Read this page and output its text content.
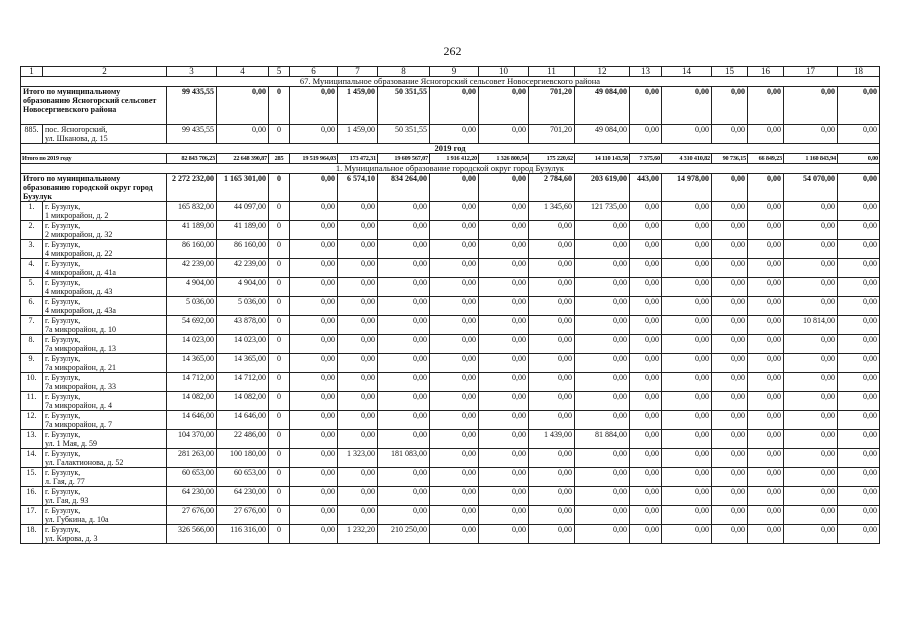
262
1	2	3	4	5	6	7	8	9	10	11	12	13	14	15	16	17	18
67. Муниципальное образование Ясногорский сельсовет Новосергиевского района																	
Итого по муниципальному образованию Ясногорский сельсовет Новосергиевского района		99 435,55	0,00	0	0,00	1 459,00	50 351,55	0,00	0,00	701,20	49 084,00	0,00	0,00	0,00	0,00	0,00	0,00
885.	пос. Ясногорский,
ул. Шканова, д. 15	99 435,55	0,00	0	0,00	1 459,00	50 351,55	0,00	0,00	701,20	49 084,00	0,00	0,00	0,00	0,00	0,00	0,00
2019 год																	
Итого по 2019 году		82 843 706,23	22 648 390,87	285	19 519 964,03	173 472,31	19 609 567,07	1 916 412,20	1 326 800,54	175 220,62	14 110 143,58	7 375,60	4 310 410,82	90 736,15	66 849,23	1 160 843,94	0,00
1. Муниципальное образование городской округ город Бузулук																	
Итого по муниципальному образованию городской округ город Бузулук		2 272 232,00	1 165 301,00	0	0,00	6 574,10	834 264,00	0,00	0,00	2 784,60	203 619,00	443,00	14 978,00	0,00	0,00	54 070,00	0,00
1.	г. Бузулук,
1 микрорайон, д. 2	165 832,00	44 097,00	0	0,00	0,00	0,00	0,00	0,00	1 345,60	121 735,00	0,00	0,00	0,00	0,00	0,00	0,00
2.	г. Бузулук,
2 микрорайон, д. 32	41 189,00	41 189,00	0	0,00	0,00	0,00	0,00	0,00	0,00	0,00	0,00	0,00	0,00	0,00	0,00	0,00
3.	г. Бузулук,
4 микрорайон, д. 22	86 160,00	86 160,00	0	0,00	0,00	0,00	0,00	0,00	0,00	0,00	0,00	0,00	0,00	0,00	0,00	0,00
4.	г. Бузулук,
4 микрорайон, д. 41а	42 239,00	42 239,00	0	0,00	0,00	0,00	0,00	0,00	0,00	0,00	0,00	0,00	0,00	0,00	0,00	0,00
5.	г. Бузулук,
4 микрорайон, д. 43	4 904,00	4 904,00	0	0,00	0,00	0,00	0,00	0,00	0,00	0,00	0,00	0,00	0,00	0,00	0,00	0,00
6.	г. Бузулук,
4 микрорайон, д. 43а	5 036,00	5 036,00	0	0,00	0,00	0,00	0,00	0,00	0,00	0,00	0,00	0,00	0,00	0,00	0,00	0,00
7.	г. Бузулук,
7а микрорайон, д. 10	54 692,00	43 878,00	0	0,00	0,00	0,00	0,00	0,00	0,00	0,00	0,00	0,00	0,00	0,00	10 814,00	0,00
8.	г. Бузулук,
7а микрорайон, д. 13	14 023,00	14 023,00	0	0,00	0,00	0,00	0,00	0,00	0,00	0,00	0,00	0,00	0,00	0,00	0,00	0,00
9.	г. Бузулук,
7а микрорайон, д. 21	14 365,00	14 365,00	0	0,00	0,00	0,00	0,00	0,00	0,00	0,00	0,00	0,00	0,00	0,00	0,00	0,00
10.	г. Бузулук,
7а микрорайон, д. 33	14 712,00	14 712,00	0	0,00	0,00	0,00	0,00	0,00	0,00	0,00	0,00	0,00	0,00	0,00	0,00	0,00
11.	г. Бузулук,
7а микрорайон, д. 4	14 082,00	14 082,00	0	0,00	0,00	0,00	0,00	0,00	0,00	0,00	0,00	0,00	0,00	0,00	0,00	0,00
12.	г. Бузулук,
7а микрорайон, д. 7	14 646,00	14 646,00	0	0,00	0,00	0,00	0,00	0,00	0,00	0,00	0,00	0,00	0,00	0,00	0,00	0,00
13.	г. Бузулук,
ул. 1 Мая, д. 59	104 370,00	22 486,00	0	0,00	0,00	0,00	0,00	0,00	1 439,00	81 884,00	0,00	0,00	0,00	0,00	0,00	0,00
14.	г. Бузулук,
ул. Галактионова, д. 52	281 263,00	100 180,00	0	0,00	1 323,00	181 083,00	0,00	0,00	0,00	0,00	0,00	0,00	0,00	0,00	0,00	0,00
15.	г. Бузулук,
л. Гая, д. 77	60 653,00	60 653,00	0	0,00	0,00	0,00	0,00	0,00	0,00	0,00	0,00	0,00	0,00	0,00	0,00	0,00
16.	г. Бузулук,
ул. Гая, д. 93	64 230,00	64 230,00	0	0,00	0,00	0,00	0,00	0,00	0,00	0,00	0,00	0,00	0,00	0,00	0,00	0,00
17.	г. Бузулук,
ул. Губкина, д. 10а	27 676,00	27 676,00	0	0,00	0,00	0,00	0,00	0,00	0,00	0,00	0,00	0,00	0,00	0,00	0,00	0,00
18.	г. Бузулук,
ул. Кирова, д. 3	326 566,00	116 316,00	0	0,00	1 232,20	210 250,00	0,00	0,00	0,00	0,00	0,00	0,00	0,00	0,00	0,00	0,00
